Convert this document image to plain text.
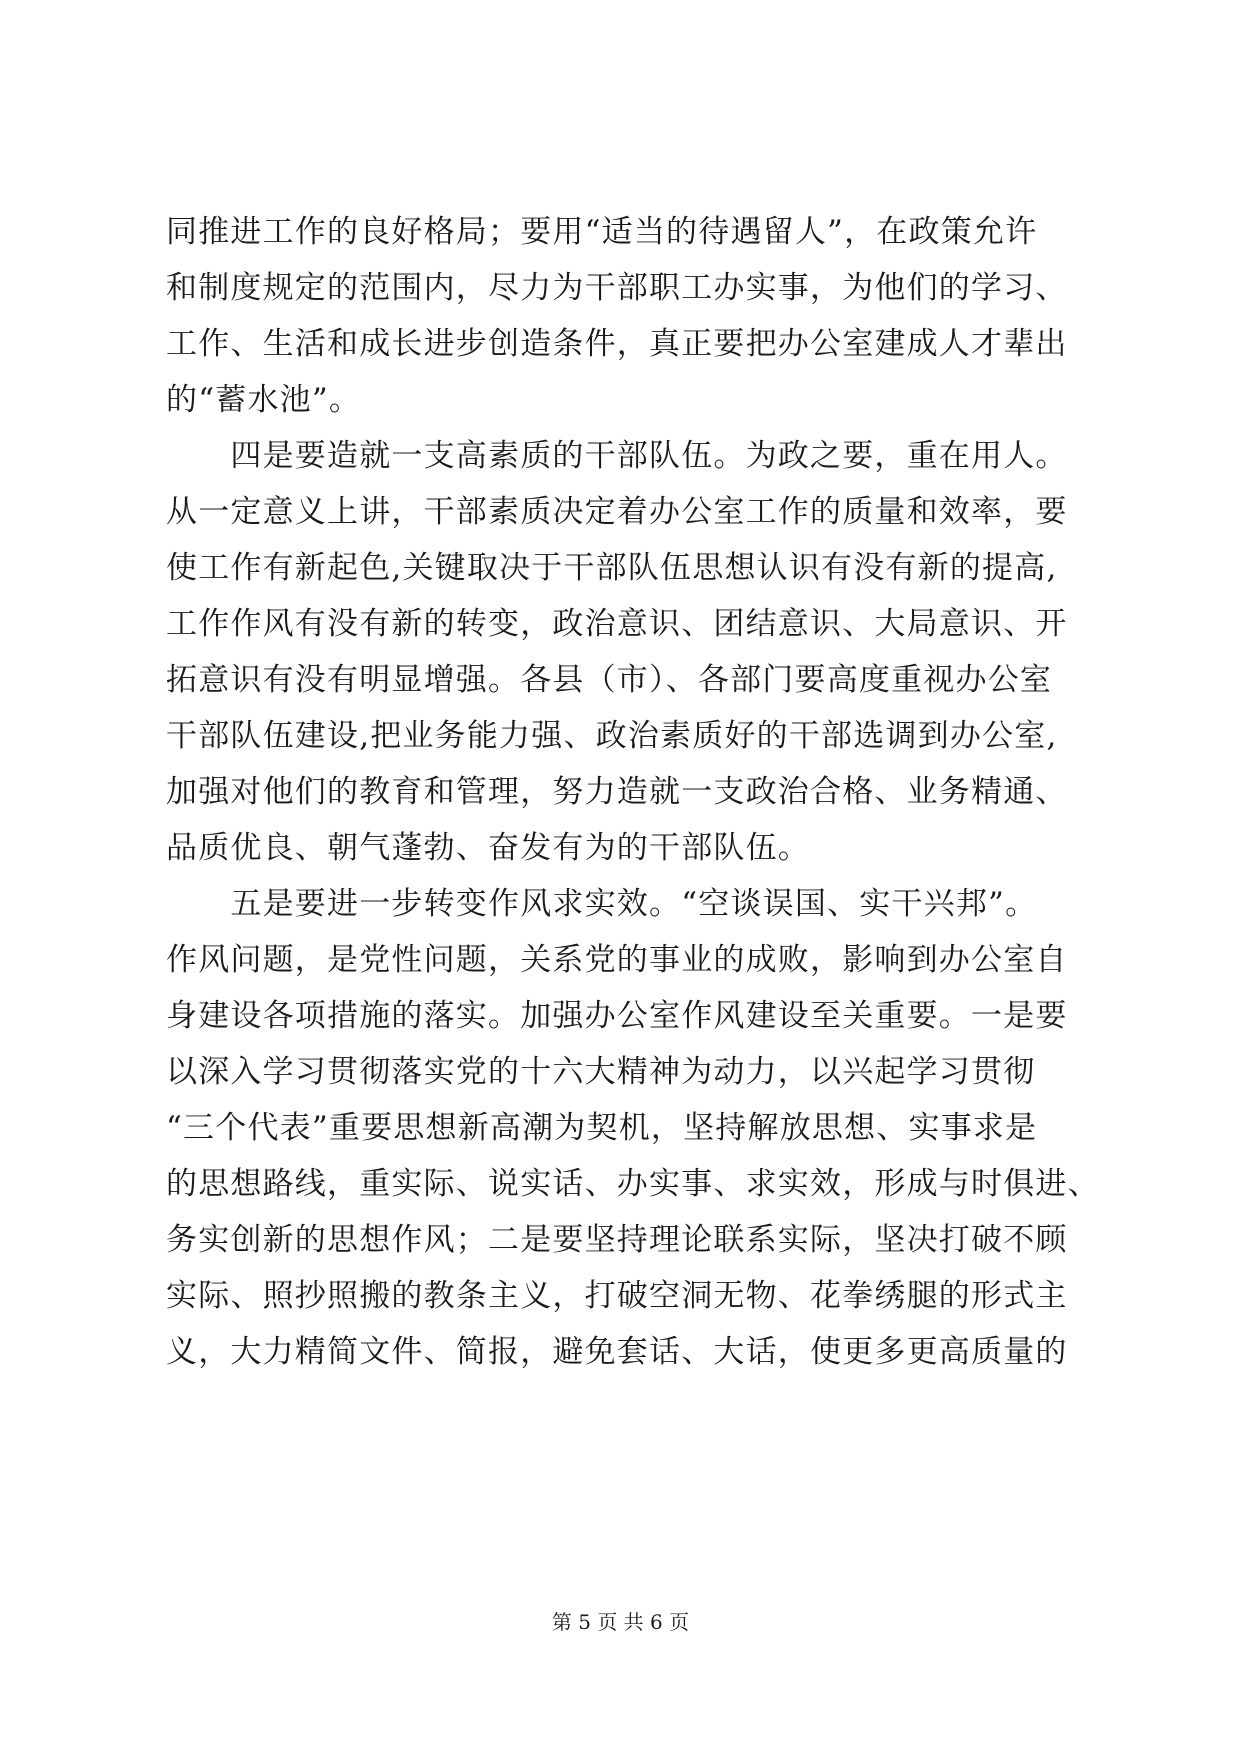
同推进工作的良好格局；要用“适当的待遇留人”，在政策允许
和制度规定的范围内，尽力为干部职工办实事，为他们的学习、
工作、生活和成长进步创造条件，真正要把办公室建成人才辈出
的“蓄水池”。
　　四是要造就一支高素质的干部队伍。为政之要，重在用人。
从一定意义上讲，干部素质决定着办公室工作的质量和效率，要
使工作有新起色,关键取决于干部队伍思想认识有没有新的提高,
工作作风有没有新的转变，政治意识、团结意识、大局意识、开
拓意识有没有明显增强。各县（市）、各部门要高度重视办公室
干部队伍建设,把业务能力强、政治素质好的干部选调到办公室,
加强对他们的教育和管理，努力造就一支政治合格、业务精通、
品质优良、朝气蓬勃、奋发有为的干部队伍。
　　五是要进一步转变作风求实效。“空谈误国、实干兴邦”。
作风问题，是党性问题，关系党的事业的成败，影响到办公室自
身建设各项措施的落实。加强办公室作风建设至关重要。一是要
以深入学习贯彻落实党的十六大精神为动力，以兴起学习贯彻
“三个代表”重要思想新高潮为契机，坚持解放思想、实事求是
的思想路线，重实际、说实话、办实事、求实效，形成与时俱进、
务实创新的思想作风；二是要坚持理论联系实际，坚决打破不顾
实际、照抄照搬的教条主义，打破空洞无物、花拳绣腿的形式主
义，大力精简文件、简报，避免套话、大话，使更多更高质量的
第 5 页 共 6 页
